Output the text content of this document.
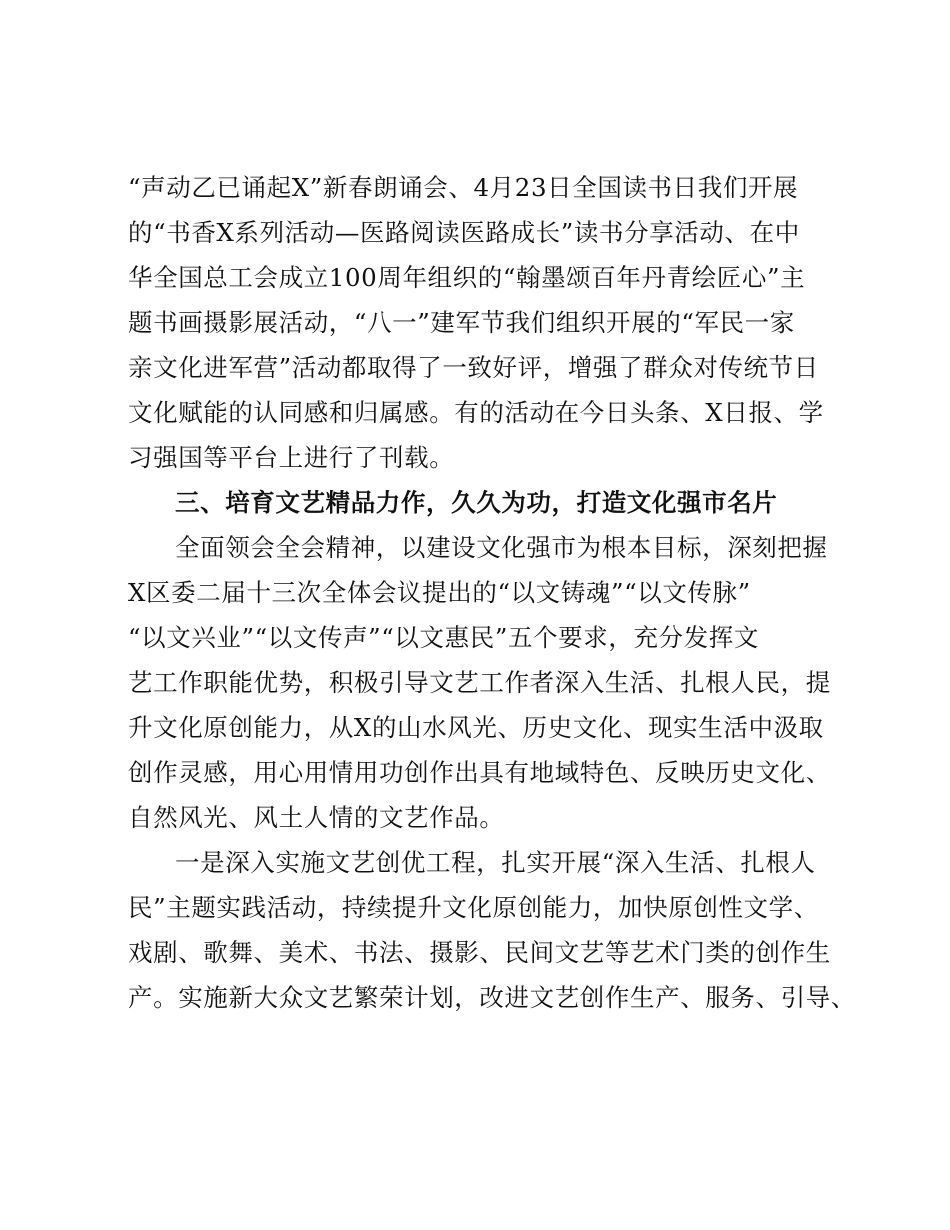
“声动乙已诵起X”新春朗诵会、4月23日全国读书日我们开展
的“书香X系列活动—医路阅读医路成长”读书分享活动、在中
华全国总工会成立100周年组织的“翰墨颂百年丹青绘匠心”主
题书画摄影展活动，“八一”建军节我们组织开展的“军民一家
亲文化进军营”活动都取得了一致好评，增强了群众对传统节日
文化赋能的认同感和归属感。有的活动在今日头条、X日报、学
习强国等平台上进行了刊载。
三、培育文艺精品力作，久久为功，打造文化强市名片
全面领会全会精神，以建设文化强市为根本目标，深刻把握
X区委二届十三次全体会议提出的“以文铸魂”“以文传脉”
“以文兴业”“以文传声”“以文惠民”五个要求，充分发挥文
艺工作职能优势，积极引导文艺工作者深入生活、扎根人民，提
升文化原创能力，从X的山水风光、历史文化、现实生活中汲取
创作灵感，用心用情用功创作出具有地域特色、反映历史文化、
自然风光、风土人情的文艺作品。
一是深入实施文艺创优工程，扎实开展“深入生活、扎根人
民”主题实践活动，持续提升文化原创能力，加快原创性文学、
戏剧、歌舞、美术、书法、摄影、民间文艺等艺术门类的创作生
产。实施新大众文艺繁荣计划，改进文艺创作生产、服务、引导、
